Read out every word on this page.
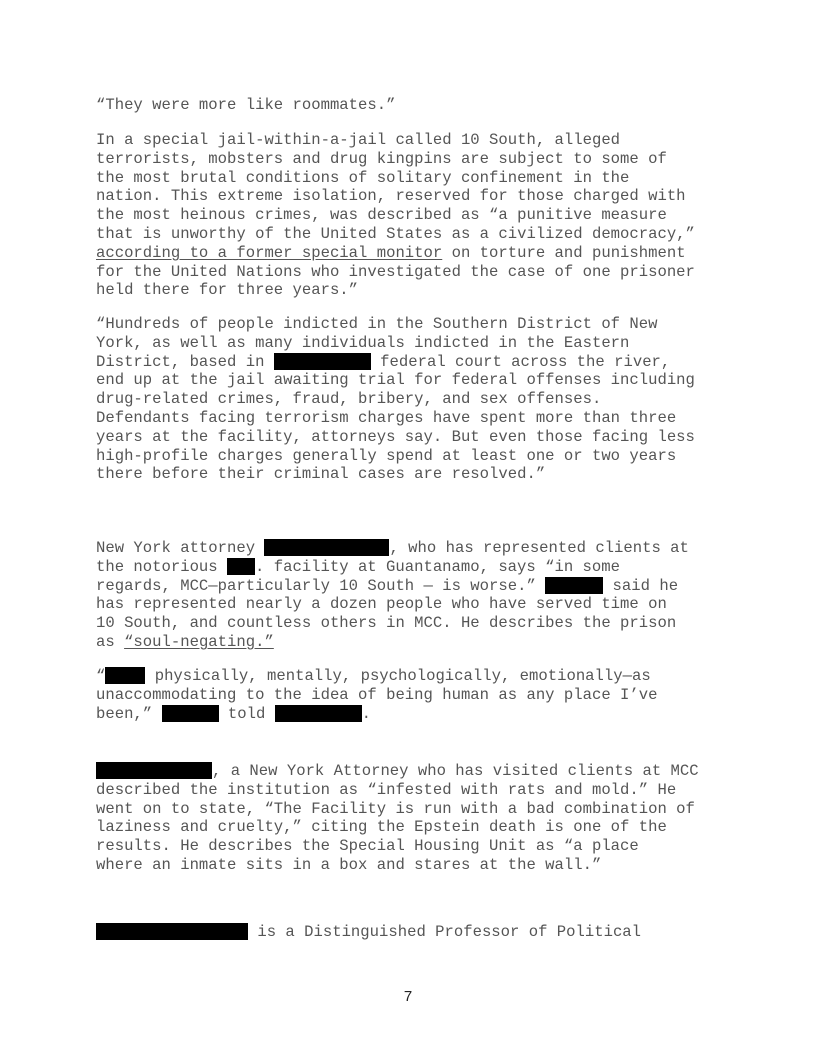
“They were more like roommates.”

In a special jail-within-a-jail called 10 South, alleged
terrorists, mobsters and drug kingpins are subject to some of
the most brutal conditions of solitary confinement in the
nation. This extreme isolation, reserved for those charged with
the most heinous crimes, was described as “a punitive measure
that is unworthy of the United States as a civilized democracy,”
according to a former special monitor on torture and punishment
for the United Nations who investigated the case of one prisoner
held there for three years.”

“Hundreds of people indicted in the Southern District of New
York, as well as many individuals indicted in the Eastern
District, based in	federal court across the river,
end up at the jail awaiting trial for federal offenses including
drug-related crimes, fraud, bribery, and sex offenses.
Defendants facing terrorism charges have spent more than three
years at the facility, attorneys say. But even those facing less
high-profile charges generally spend at least one or two years
there before their criminal cases are resolved.”

New York attorney	, who has represented clients at
the notorious . facility at Guantanamo, says “in some
regards, MCC—particularly 10 South — is worse.”	said he
has represented nearly a dozen people who have served time on
10 South, and countless others in MCC. He describes the prison
as “soul-negating.”

“	physically, mentally, psychologically, emotionally—as
unaccommodating to the idea of being human as any place I’ve
been,”	told	.

, a New York Attorney who has visited clients at MCC
described the institution as “infested with rats and mold.” He
went on to state, “The Facility is run with a bad combination of
laziness and cruelty,” citing the Epstein death is one of the
results. He describes the Special Housing Unit as “a place
where an inmate sits in a box and stares at the wall.”

is a Distinguished Professor of Political

7
